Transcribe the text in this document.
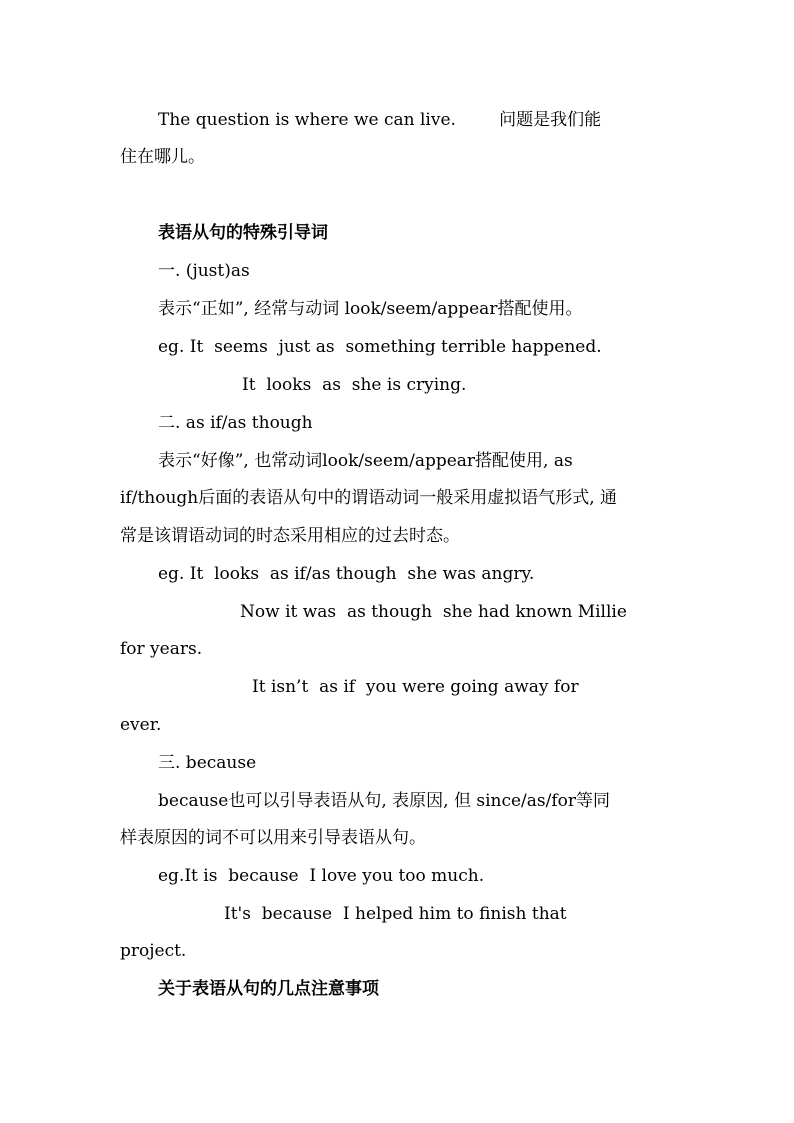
The question is where we can live.        问题是我们能
住在哪儿。
表语从句的特殊引导词
一. (just)as
表示“正如”, 经常与动词 look/seem/appear搭配使用。
eg. It  seems  just as  something terrible happened.
It  looks  as  she is crying.
二. as if/as though
表示“好像”, 也常动词look/seem/appear搭配使用, as
if/though后面的表语从句中的谓语动词一般采用虚拟语气形式, 通
常是该谓语动词的时态采用相应的过去时态。
eg. It  looks  as if/as though  she was angry.
Now it was  as though  she had known Millie
for years.
It isn’t  as if  you were going away for
ever.
三. because
because也可以引导表语从句, 表原因, 但 since/as/for等同
样表原因的词不可以用来引导表语从句。
eg.It is  because  I love you too much.
It's  because  I helped him to finish that
project.
关于表语从句的几点注意事项
